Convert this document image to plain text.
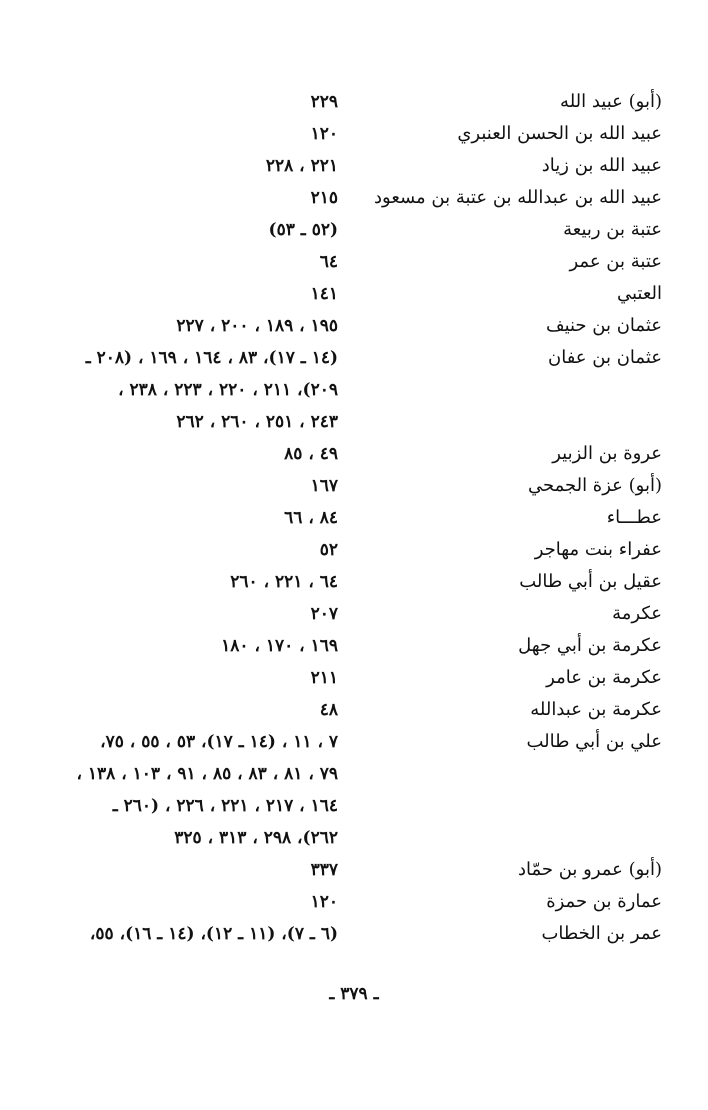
(أبو) عبيد الله
٢٢٩
عبيد الله بن الحسن العنبري
١٢٠
عبيد الله بن زياد
٢٢١ ، ٢٢٨
عبيد الله بن عبدالله بن عتبة بن مسعود
٢١٥
عتبة بن ربيعة
(٥٢ ـ ٥٣)
عتبة بن عمر
٦٤
العتبي
١٤١
عثمان بن حنيف
١٩٥ ، ١٨٩ ، ٢٠٠ ، ٢٢٧
عثمان بن عفان
(١٤ ـ ١٧)، ٨٣ ، ١٦٤ ، ١٦٩ ، (٢٠٨ ـ
٢٠٩)، ٢١١ ، ٢٢٠ ، ٢٢٣ ، ٢٣٨ ،
٢٤٣ ، ٢٥١ ، ٢٦٠ ، ٢٦٢
عروة بن الزبير
٤٩ ، ٨٥
(أبو) عزة الجمحي
١٦٧
عطـــاء
٨٤ ، ٦٦
عفراء بنت مهاجر
٥٢
عقيل بن أبي طالب
٦٤ ، ٢٢١ ، ٢٦٠
عكرمة
٢٠٧
عكرمة بن أبي جهل
١٦٩ ، ١٧٠ ، ١٨٠
عكرمة بن عامر
٢١١
عكرمة بن عبدالله
٤٨
علي بن أبي طالب
٧ ، ١١ ، (١٤ ـ ١٧)، ٥٣ ، ٥٥ ، ٧٥،
٧٩ ، ٨١ ، ٨٣ ، ٨٥ ، ٩١ ، ١٠٣ ، ١٣٨ ،
١٦٤ ، ٢١٧ ، ٢٢١ ، ٢٢٦ ، (٢٦٠ ـ
٢٦٢)، ٢٩٨ ، ٣١٣ ، ٣٢٥
(أبو) عمرو بن حمّاد
٣٣٧
عمارة بن حمزة
١٢٠
عمر بن الخطاب
(٦ ـ ٧)، (١١ ـ ١٢)، (١٤ ـ ١٦)، ٥٥،
ـ ٣٧٩ ـ
